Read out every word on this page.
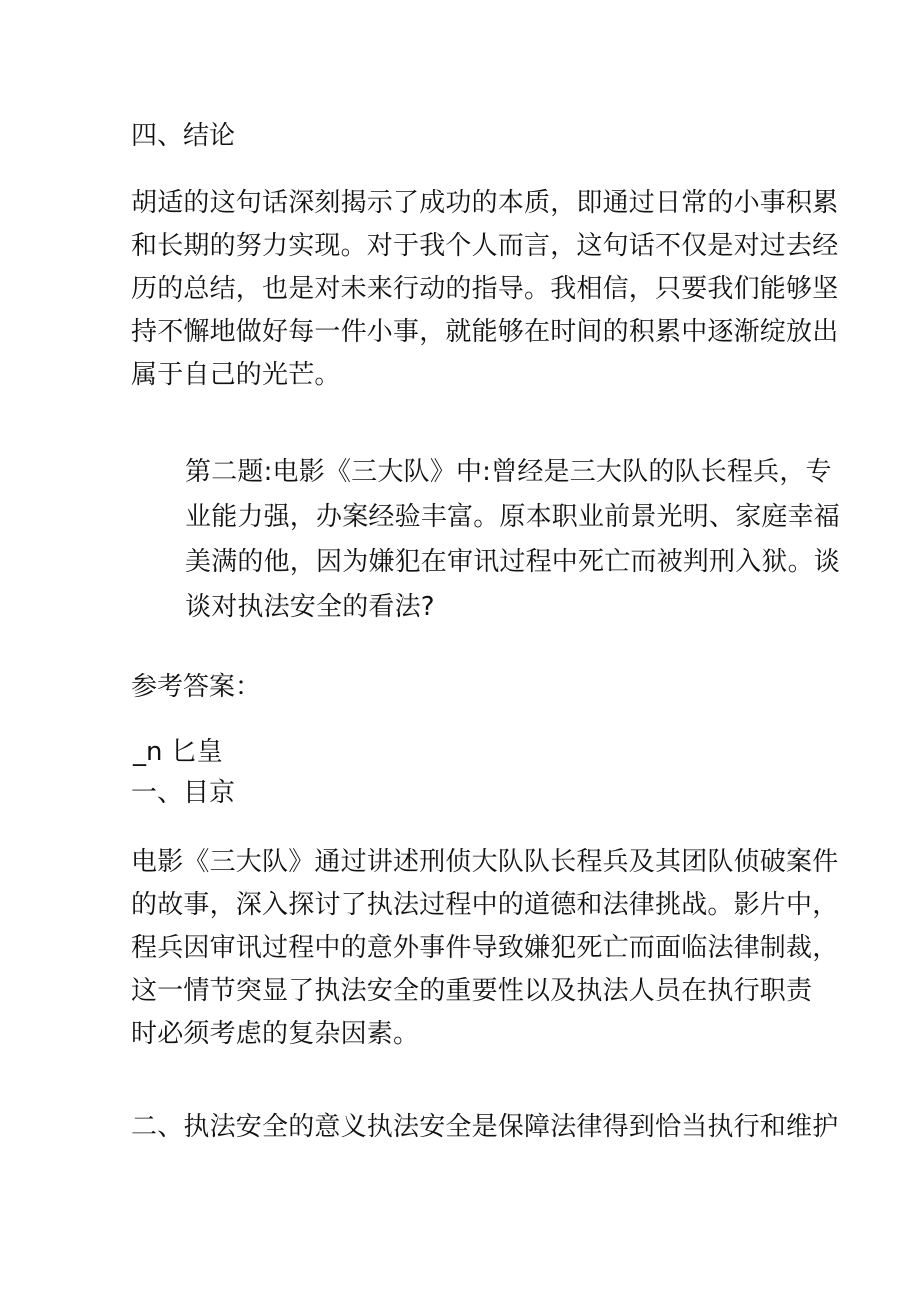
四、结论

胡适的这句话深刻揭示了成功的本质，即通过日常的小事积累
和长期的努力实现。对于我个人而言，这句话不仅是对过去经
历的总结，也是对未来行动的指导。我相信，只要我们能够坚
持不懈地做好每一件小事，就能够在时间的积累中逐渐绽放出
属于自己的光芒。

第二题:电影《三大队》中:曾经是三大队的队长程兵，专
业能力强，办案经验丰富。原本职业前景光明、家庭幸福
美满的他，因为嫌犯在审讯过程中死亡而被判刑入狱。谈
谈对执法安全的看法?

参考答案：
_n 匕皇
一、目京

电影《三大队》通过讲述刑侦大队队长程兵及其团队侦破案件
的故事，深入探讨了执法过程中的道德和法律挑战。影片中，
程兵因审讯过程中的意外事件导致嫌犯死亡而面临法律制裁，
这一情节突显了执法安全的重要性以及执法人员在执行职责
时必须考虑的复杂因素。

二、执法安全的意义执法安全是保障法律得到恰当执行和维护
